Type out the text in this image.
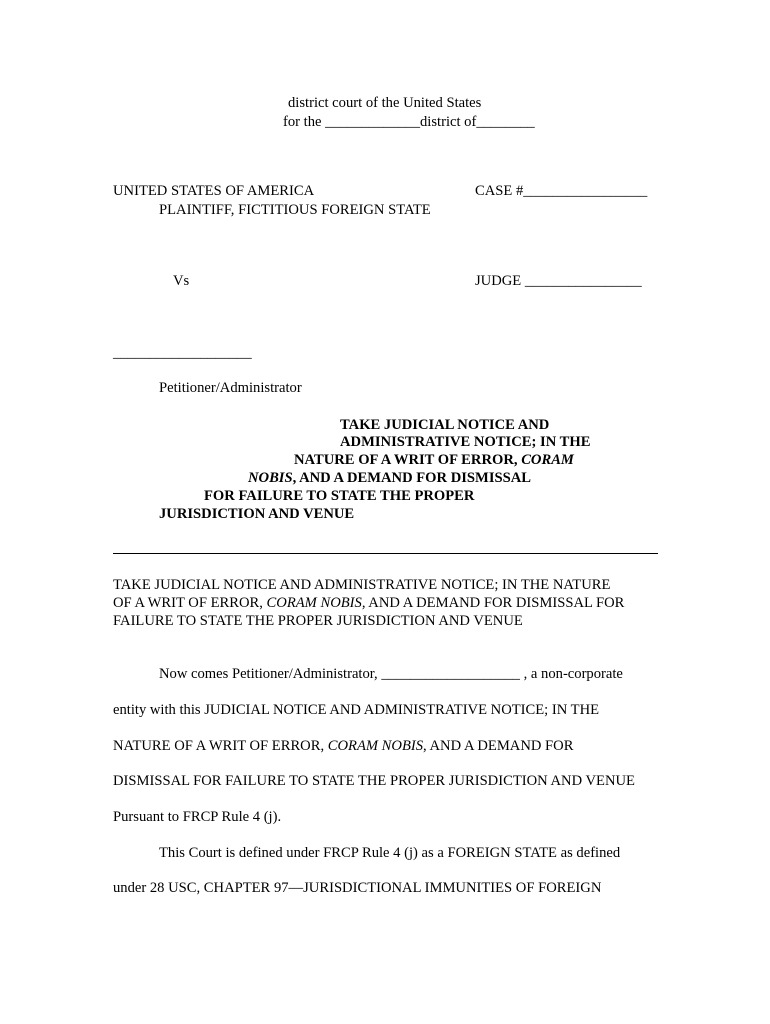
district court of the United States
for the _____________district of________
UNITED STATES OF AMERICA	CASE #_________________
PLAINTIFF, FICTITIOUS FOREIGN STATE
Vs	JUDGE ________________
___________________
Petitioner/Administrator
TAKE JUDICIAL NOTICE AND
ADMINISTRATIVE NOTICE; IN THE
NATURE OF A WRIT OF ERROR, CORAM
NOBIS, AND A DEMAND FOR DISMISSAL
FOR FAILURE TO STATE THE PROPER
JURISDICTION AND VENUE
TAKE JUDICIAL NOTICE AND ADMINISTRATIVE NOTICE; IN THE NATURE
OF A WRIT OF ERROR, CORAM NOBIS, AND A DEMAND FOR DISMISSAL FOR
FAILURE TO STATE THE PROPER JURISDICTION AND VENUE
Now comes Petitioner/Administrator, ___________________ , a non-corporate
entity with this JUDICIAL NOTICE AND ADMINISTRATIVE NOTICE; IN THE
NATURE OF A WRIT OF ERROR, CORAM NOBIS, AND A DEMAND FOR
DISMISSAL FOR FAILURE TO STATE THE PROPER JURISDICTION AND VENUE
Pursuant to FRCP Rule 4 (j).
This Court is defined under FRCP Rule 4 (j) as a FOREIGN STATE as defined
under 28 USC, CHAPTER 97—JURISDICTIONAL IMMUNITIES OF FOREIGN
